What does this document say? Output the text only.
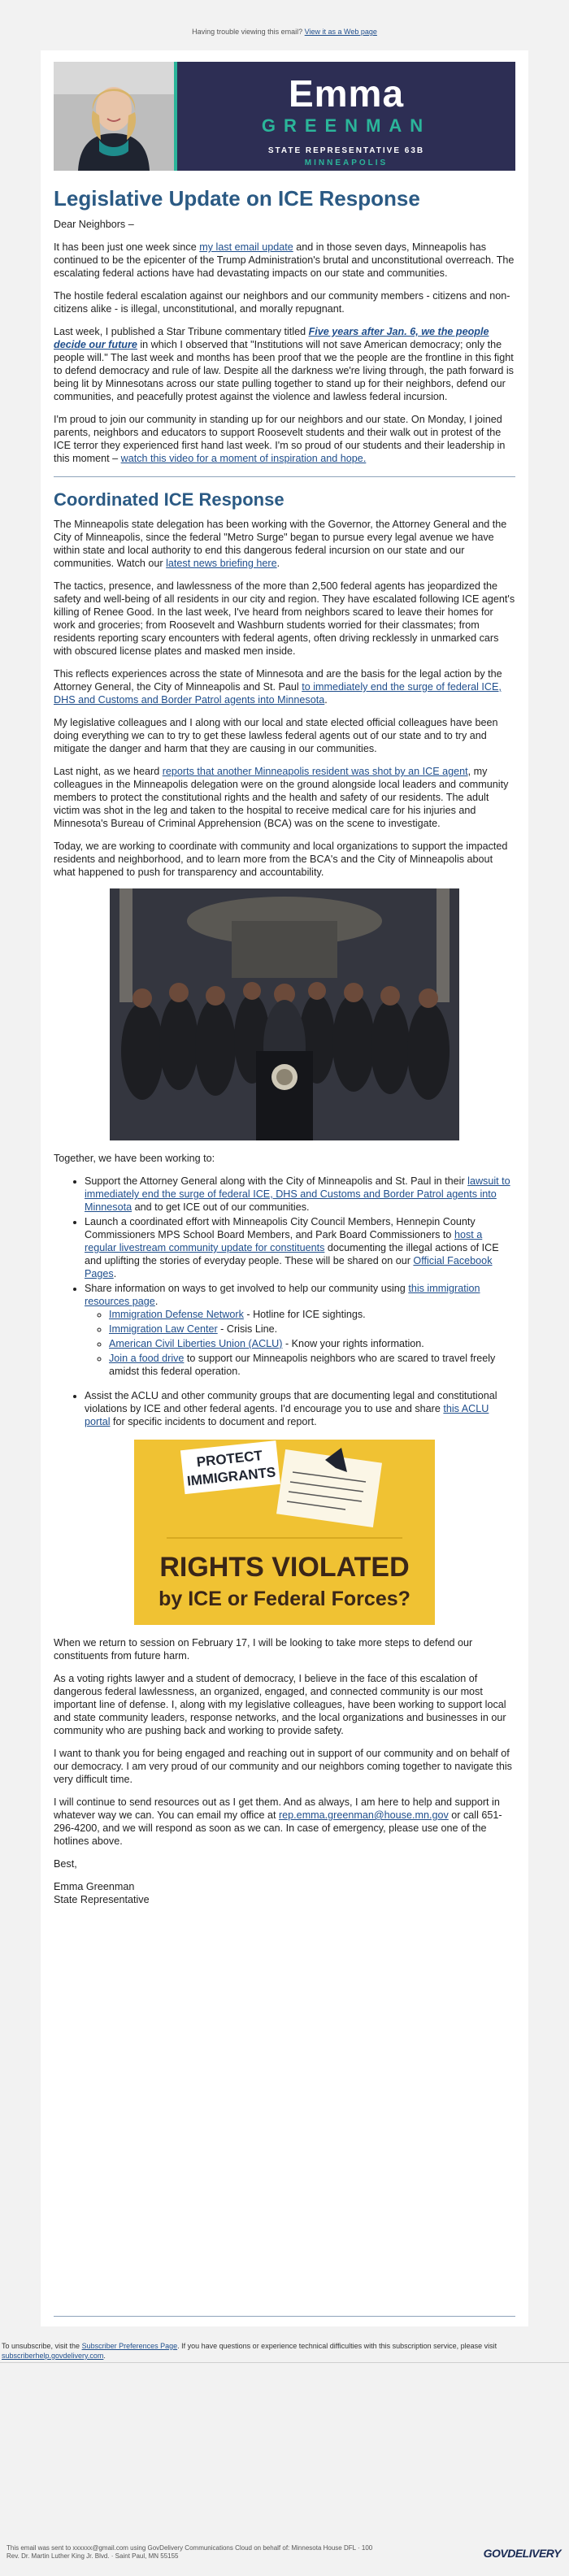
Having trouble viewing this email? View it as a Web page
Emma
GREENMAN
STATE REPRESENTATIVE 63B
MINNEAPOLIS
Legislative Update on ICE Response

Dear Neighbors –

It has been just one week since my last email update and in those seven days, Minneapolis has continued to be the epicenter of the Trump Administration's brutal and unconstitutional overreach. The escalating federal actions have had devastating impacts on our state and communities.

The hostile federal escalation against our neighbors and our community members - citizens and non-citizens alike - is illegal, unconstitutional, and morally repugnant.

Last week, I published a Star Tribune commentary titled Five years after Jan. 6, we the people decide our future in which I observed that "Institutions will not save American democracy; only the people will." The last week and months has been proof that we the people are the frontline in this fight to defend democracy and rule of law. Despite all the darkness we're living through, the path forward is being lit by Minnesotans across our state pulling together to stand up for their neighbors, defend our communities, and peacefully protest against the violence and lawless federal incursion.

I'm proud to join our community in standing up for our neighbors and our state. On Monday, I joined parents, neighbors and educators to support Roosevelt students and their walk out in protest of the ICE terror they experienced first hand last week. I'm so proud of our students and their leadership in this moment – watch this video for a moment of inspiration and hope.

Coordinated ICE Response

The Minneapolis state delegation has been working with the Governor, the Attorney General and the City of Minneapolis, since the federal "Metro Surge" began to pursue every legal avenue we have within state and local authority to end this dangerous federal incursion on our state and our communities. Watch our latest news briefing here.

The tactics, presence, and lawlessness of the more than 2,500 federal agents has jeopardized the safety and well-being of all residents in our city and region. They have escalated following ICE agent's killing of Renee Good. In the last week, I've heard from neighbors scared to leave their homes for work and groceries; from Roosevelt and Washburn students worried for their classmates; from residents reporting scary encounters with federal agents, often driving recklessly in unmarked cars with obscured license plates and masked men inside.

This reflects experiences across the state of Minnesota and are the basis for the legal action by the Attorney General, the City of Minneapolis and St. Paul to immediately end the surge of federal ICE, DHS and Customs and Border Patrol agents into Minnesota.

My legislative colleagues and I along with our local and state elected official colleagues have been doing everything we can to try to get these lawless federal agents out of our state and to try and mitigate the danger and harm that they are causing in our communities.

Last night, as we heard reports that another Minneapolis resident was shot by an ICE agent, my colleagues in the Minneapolis delegation were on the ground alongside local leaders and community members to protect the constitutional rights and the health and safety of our residents. The adult victim was shot in the leg and taken to the hospital to receive medical care for his injuries and Minnesota's Bureau of Criminal Apprehension (BCA) was on the scene to investigate.

Today, we are working to coordinate with community and local organizations to support the impacted residents and neighborhood, and to learn more from the BCA's and the City of Minneapolis about what happened to push for transparency and accountability.

Together, we have been working to:

• Support the Attorney General along with the City of Minneapolis and St. Paul in their lawsuit to immediately end the surge of federal ICE, DHS and Customs and Border Patrol agents into Minnesota and to get ICE out of our communities.
• Launch a coordinated effort with Minneapolis City Council Members, Hennepin County Commissioners MPS School Board Members, and Park Board Commissioners to host a regular livestream community update for constituents documenting the illegal actions of ICE and uplifting the stories of everyday people. These will be shared on our Official Facebook Pages.
• Share information on ways to get involved to help our community using this immigration resources page.
◦ Immigration Defense Network - Hotline for ICE sightings.
◦ Immigration Law Center - Crisis Line.
◦ American Civil Liberties Union (ACLU) - Know your rights information.
◦ Join a food drive to support our Minneapolis neighbors who are scared to travel freely amidst this federal operation.
• Assist the ACLU and other community groups that are documenting legal and constitutional violations by ICE and other federal agents. I'd encourage you to use and share this ACLU portal for specific incidents to document and report.
PROTECT
IMMIGRANTS
RIGHTS VIOLATED
by ICE or Federal Forces?

When we return to session on February 17, I will be looking to take more steps to defend our constituents from future harm.

As a voting rights lawyer and a student of democracy, I believe in the face of this escalation of dangerous federal lawlessness, an organized, engaged, and connected community is our most important line of defense. I, along with my legislative colleagues, have been working to support local and state community leaders, response networks, and the local organizations and businesses in our community who are pushing back and working to provide safety.

I want to thank you for being engaged and reaching out in support of our community and on behalf of our democracy. I am very proud of our community and our neighbors coming together to navigate this very difficult time.

I will continue to send resources out as I get them. And as always, I am here to help and support in whatever way we can. You can email my office at rep.emma.greenman@house.mn.gov or call 651-296-4200, and we will respond as soon as we can. In case of emergency, please use one of the hotlines above.

Best,

Emma Greenman

State Representative

To unsubscribe, visit the Subscriber Preferences Page. If you have questions or experience technical difficulties with this subscription service, please visit subscriberhelp.govdelivery.com.
This email was sent to xxxxxx@gmail.com using GovDelivery Communications Cloud on behalf of: Minnesota House DFL · 100
Rev. Dr. Martin Luther King Jr. Blvd. · Saint Paul, MN 55155	GOVDELIVERY
